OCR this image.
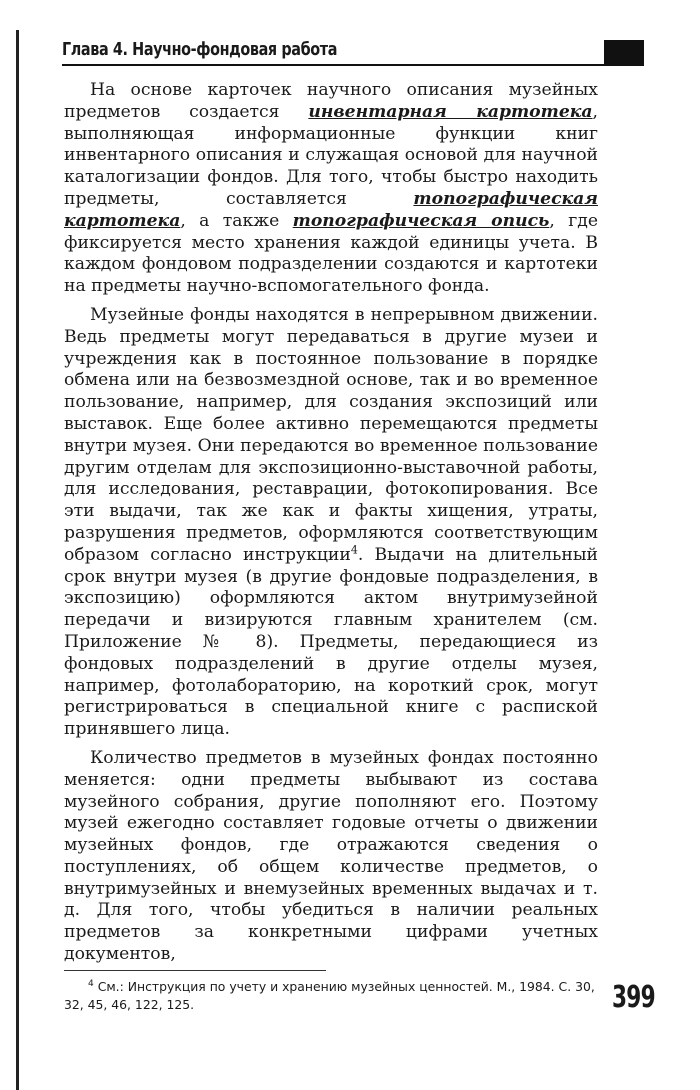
Глава 4. Научно-фондовая работа

На основе карточек научного описания музейных предметов создается инвентарная картотека, выполняющая информационные функции книг инвентарного описания и служащая основой для научной каталогизации фондов. Для того, чтобы быстро находить предметы, составляется топографическая картотека, а также топографическая опись, где фиксируется место хранения каждой единицы учета. В каждом фондовом подразделении создаются и картотеки на предметы научно-вспомогательного фонда.

Музейные фонды находятся в непрерывном движении. Ведь предметы могут передаваться в другие музеи и учреждения как в постоянное пользование в порядке обмена или на безвозмездной основе, так и во временное пользование, например, для создания экспозиций или выставок. Еще более активно перемещаются предметы внутри музея. Они передаются во временное пользование другим отделам для экспозиционно-выставочной работы, для исследования, реставрации, фотокопирования. Все эти выдачи, так же как и факты хищения, утраты, разрушения предметов, оформляются соответствующим образом согласно инструкции$^4$. Выдачи на длительный срок внутри музея (в другие фондовые подразделения, в экспозицию) оформляются актом внутримузейной передачи и визируются главным хранителем (см. Приложение № 8). Предметы, передающиеся из фондовых подразделений в другие отделы музея, например, фотолабораторию, на короткий срок, могут регистрироваться в специальной книге с распиской принявшего лица.

Количество предметов в музейных фондах постоянно меняется: одни предметы выбывают из состава музейного собрания, другие пополняют его. Поэтому музей ежегодно составляет годовые отчеты о движении музейных фондов, где отражаются сведения о поступлениях, об общем количестве предметов, о внутримузейных и внемузейных временных выдачах и т. д. Для того, чтобы убедиться в наличии реальных предметов за конкретными цифрами учетных документов,

$^4$ См.: Инструкция по учету и хранению музейных ценностей. М., 1984. С. 30, 32, 45, 46, 122, 125.	399
